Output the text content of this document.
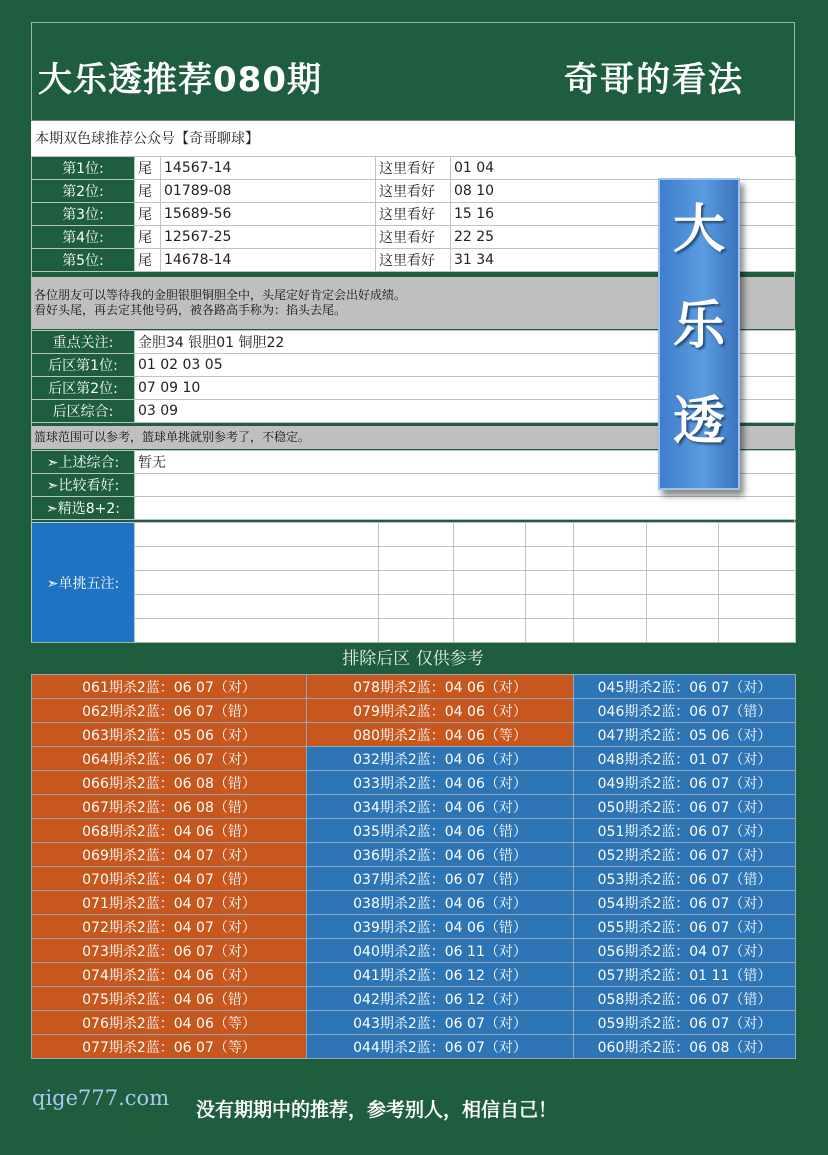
大乐透推荐080期	奇哥的看法
本期双色球推荐公众号【奇哥聊球】
第1位:	尾	14567-14	这里看好	01 04
第2位:	尾	01789-08	这里看好	08 10
第3位:	尾	15689-56	这里看好	15 16
第4位:	尾	12567-25	这里看好	22 25
第5位:	尾	14678-14	这里看好	31 34
各位朋友可以等待我的金胆银胆铜胆全中，头尾定好肯定会出好成绩。
看好头尾，再去定其他号码，被各路高手称为：掐头去尾。
重点关注:	金胆34 银胆01 铜胆22
后区第1位:	01 02 03 05
后区第2位:	07 09 10
后区综合:	03 09
篮球范围可以参考，篮球单挑就别参考了，不稳定。
➣上述综合:	暂无
➣比较看好:	
➣精选8+2:	
➣单挑五注:							

大
乐
透
排除后区 仅供参考
061期杀2蓝：06 07（对）	078期杀2蓝：04 06（对）	045期杀2蓝：06 07（对）
062期杀2蓝：06 07（错）	079期杀2蓝：04 06（对）	046期杀2蓝：06 07（错）
063期杀2蓝：05 06（对）	080期杀2蓝：04 06（等）	047期杀2蓝：05 06（对）
064期杀2蓝：06 07（对）	032期杀2蓝：04 06（对）	048期杀2蓝：01 07（对）
066期杀2蓝：06 08（错）	033期杀2蓝：04 06（对）	049期杀2蓝：06 07（对）
067期杀2蓝：06 08（错）	034期杀2蓝：04 06（对）	050期杀2蓝：06 07（对）
068期杀2蓝：04 06（错）	035期杀2蓝：04 06（错）	051期杀2蓝：06 07（对）
069期杀2蓝：04 07（对）	036期杀2蓝：04 06（错）	052期杀2蓝：06 07（对）
070期杀2蓝：04 07（错）	037期杀2蓝：06 07（错）	053期杀2蓝：06 07（错）
071期杀2蓝：04 07（对）	038期杀2蓝：04 06（对）	054期杀2蓝：06 07（对）
072期杀2蓝：04 07（对）	039期杀2蓝：04 06（错）	055期杀2蓝：06 07（对）
073期杀2蓝：06 07（对）	040期杀2蓝：06 11（对）	056期杀2蓝：04 07（对）
074期杀2蓝：04 06（对）	041期杀2蓝：06 12（对）	057期杀2蓝：01 11（错）
075期杀2蓝：04 06（错）	042期杀2蓝：06 12（对）	058期杀2蓝：06 07（错）
076期杀2蓝：04 06（等）	043期杀2蓝：06 07（对）	059期杀2蓝：06 07（对）
077期杀2蓝：06 07（等）	044期杀2蓝：06 07（对）	060期杀2蓝：06 08（对）
qige777.com 没有期期中的推荐，参考别人，相信自己！
